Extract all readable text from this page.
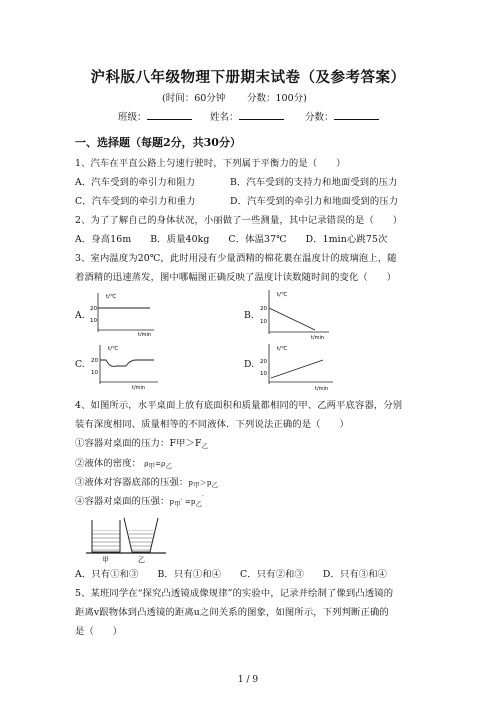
沪科版八年级物理下册期末试卷（及参考答案）
(时间：60分钟 分数：100分)
班级：	姓名：	分数：
一、选择题（每题2分，共30分）
1、汽车在平直公路上匀速行驶时，下列属于平衡力的是（　　）
A．汽车受到的牵引力和阻力	B．汽车受到的支持力和地面受到的压力
C．汽车受到的牵引力和重力	D．汽车受到的牵引力和地面受到的压力
2、为了了解自己的身体状况，小丽做了一些测量，其中记录错误的是（　　）
A．身高16m　　B．质量40kg　　C．体温37℃　　D．1min心跳75次
3、室内温度为20℃，此时用浸有少量酒精的棉花裹在温度计的玻璃泡上，随
着酒精的迅速蒸发，图中哪幅图正确反映了温度计读数随时间的变化（　　）
A.	B.
C.	D.
t/℃
20
10
t/min
t/℃
20
10
t/min
t/℃
20
10
t/min
t/℃
20
10
t/min
4、如图所示，水平桌面上放有底面积和质量都相同的甲、乙两平底容器，分别
装有深度相同、质量相等的不同液体．下列说法正确的是（　　）
①容器对桌面的压力：F甲$>F_乙$
②液体的密度： $\rho_甲=\rho_乙$
③液体对容器底部的压强：$p_甲>p_乙$
④容器对桌面的压强：$p_甲' =p_乙'$
甲	乙
A．只有①和③　　B．只有①和④　　C．只有②和③　　D．只有③和④
5、某班同学在“探究凸透镜成像规律”的实验中，记录并绘制了像到凸透镜的
距离v跟物体到凸透镜的距离u之间关系的图象，如图所示，下列判断正确的
是（　　）
1 / 9
